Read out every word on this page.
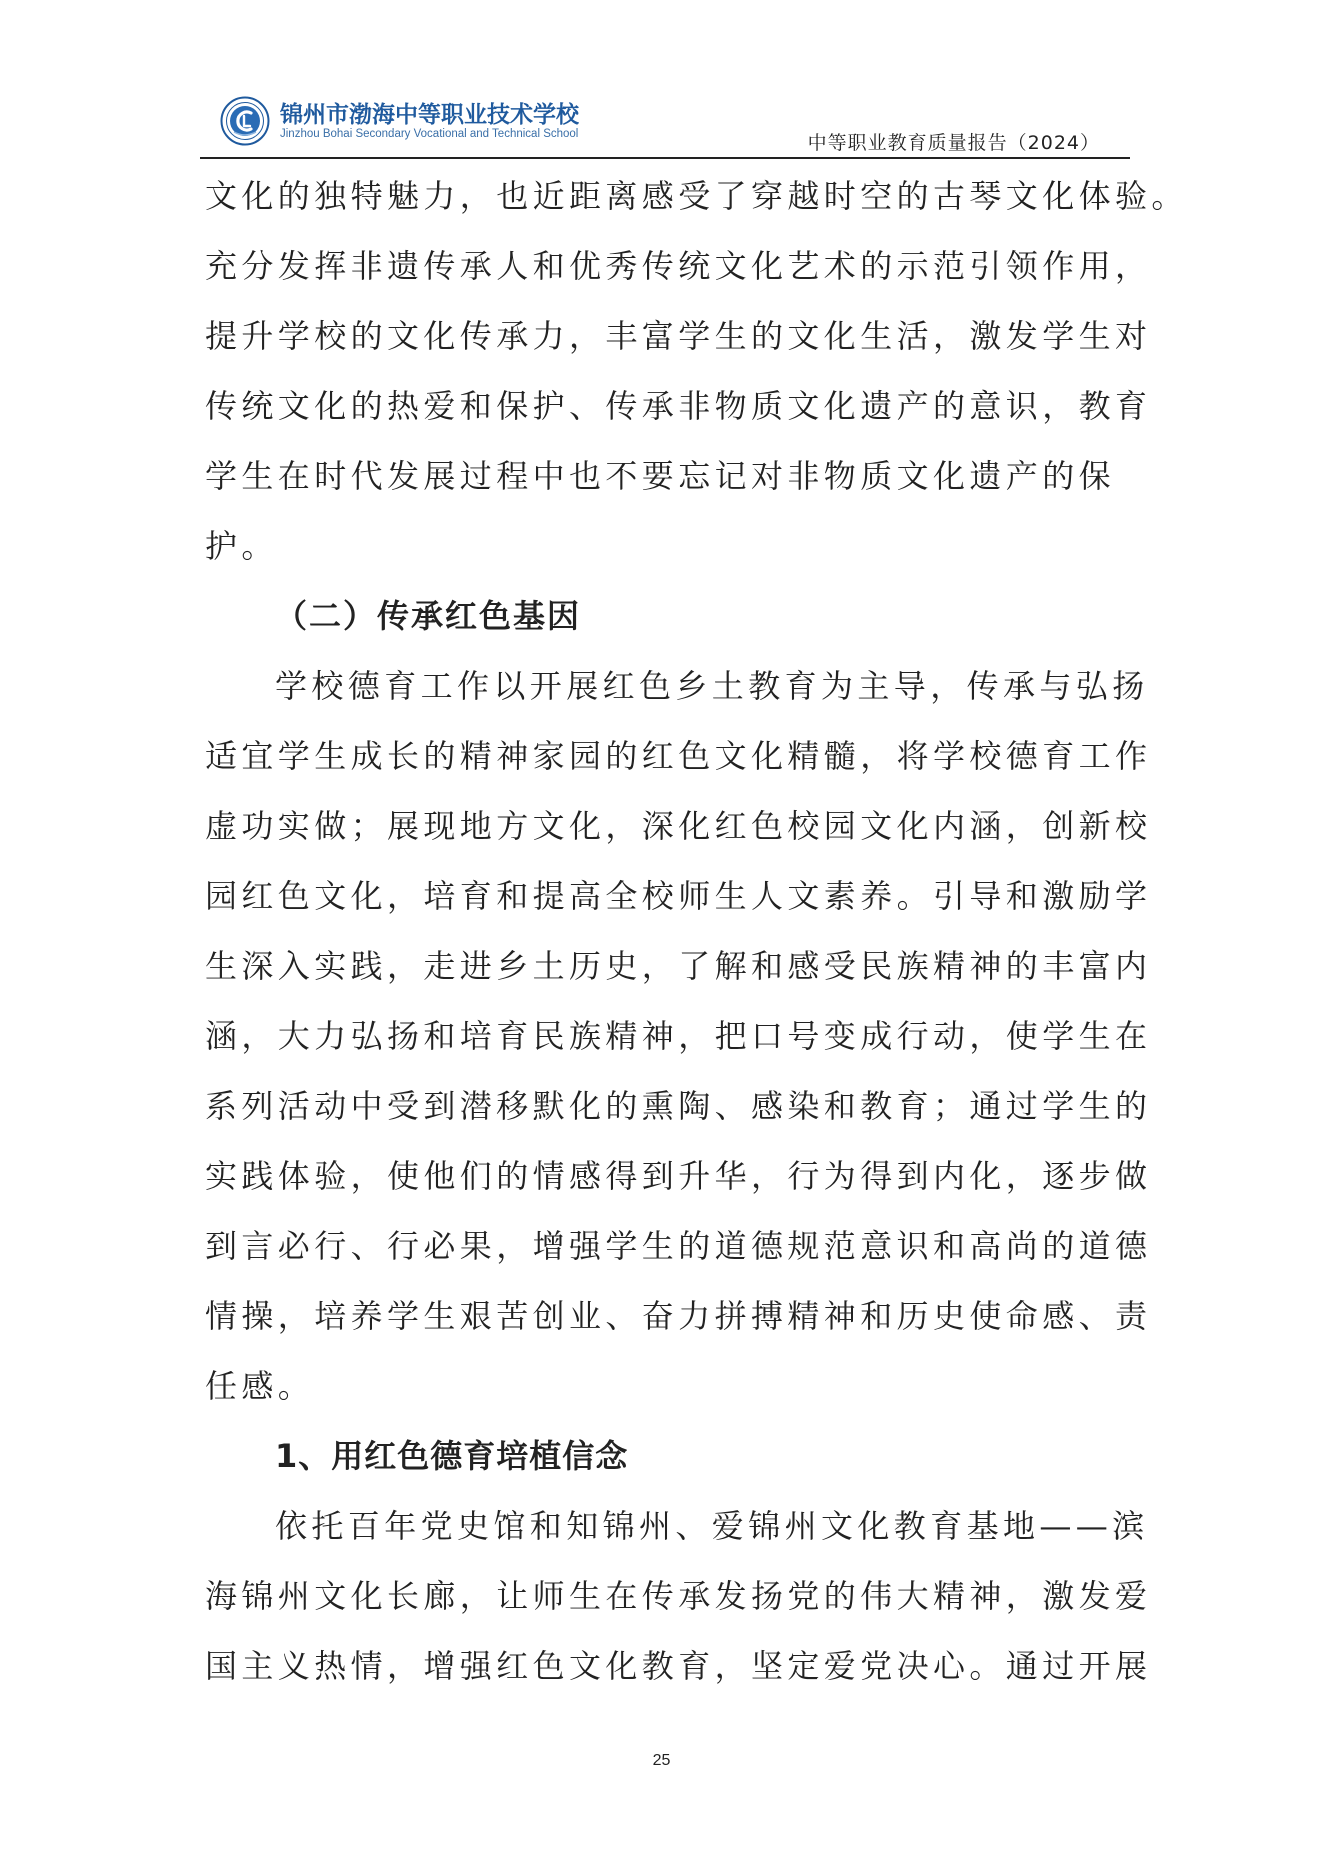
锦州市渤海中等职业技术学校
Jinzhou Bohai Secondary Vocational and Technical School	中等职业教育质量报告（2024）
文化的独特魅力，也近距离感受了穿越时空的古琴文化体验。
充分发挥非遗传承人和优秀传统文化艺术的示范引领作用，
提升学校的文化传承力，丰富学生的文化生活，激发学生对
传统文化的热爱和保护、传承非物质文化遗产的意识，教育
学生在时代发展过程中也不要忘记对非物质文化遗产的保
护。
（二）传承红色基因
学校德育工作以开展红色乡土教育为主导，传承与弘扬
适宜学生成长的精神家园的红色文化精髓，将学校德育工作
虚功实做；展现地方文化，深化红色校园文化内涵，创新校
园红色文化，培育和提高全校师生人文素养。引导和激励学
生深入实践，走进乡土历史，了解和感受民族精神的丰富内
涵，大力弘扬和培育民族精神，把口号变成行动，使学生在
系列活动中受到潜移默化的熏陶、感染和教育；通过学生的
实践体验，使他们的情感得到升华，行为得到内化，逐步做
到言必行、行必果，增强学生的道德规范意识和高尚的道德
情操，培养学生艰苦创业、奋力拼搏精神和历史使命感、责
任感。
1、用红色德育培植信念
依托百年党史馆和知锦州、爱锦州文化教育基地——滨
海锦州文化长廊，让师生在传承发扬党的伟大精神，激发爱
国主义热情，增强红色文化教育，坚定爱党决心。通过开展
25
